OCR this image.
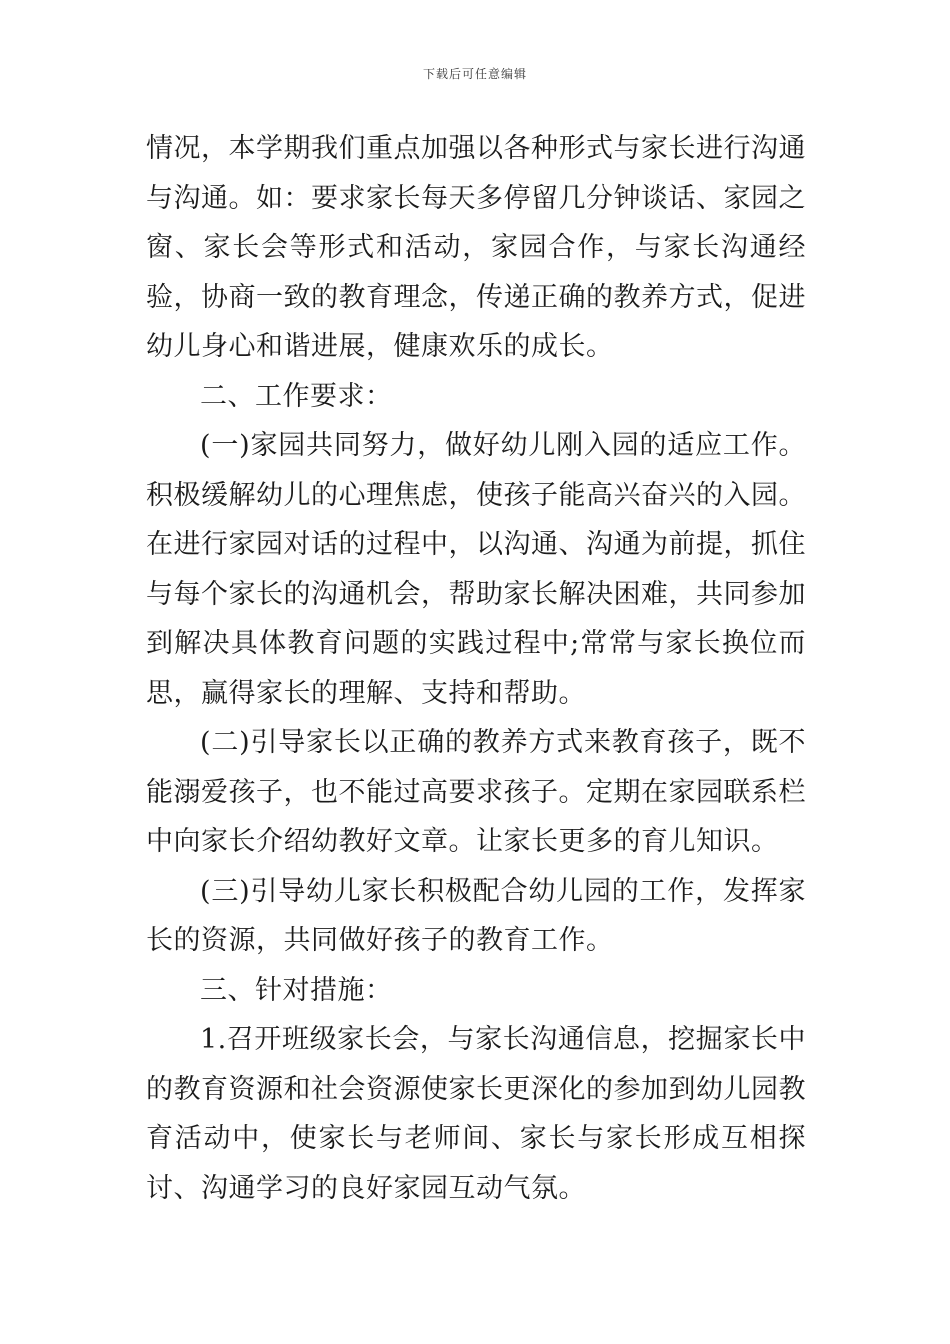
下载后可任意编辑

情况，本学期我们重点加强以各种形式与家长进行沟通与沟通。如：要求家长每天多停留几分钟谈话、家园之窗、家长会等形式和活动，家园合作，与家长沟通经验，协商一致的教育理念，传递正确的教养方式，促进幼儿身心和谐进展，健康欢乐的成长。

二、工作要求：

(一)家园共同努力，做好幼儿刚入园的适应工作。积极缓解幼儿的心理焦虑，使孩子能高兴奋兴的入园。在进行家园对话的过程中，以沟通、沟通为前提，抓住与每个家长的沟通机会，帮助家长解决困难，共同参加到解决具体教育问题的实践过程中;常常与家长换位而思，赢得家长的理解、支持和帮助。

(二)引导家长以正确的教养方式来教育孩子，既不能溺爱孩子，也不能过高要求孩子。定期在家园联系栏中向家长介绍幼教好文章。让家长更多的育儿知识。

(三)引导幼儿家长积极配合幼儿园的工作，发挥家长的资源，共同做好孩子的教育工作。

三、针对措施：

1.召开班级家长会，与家长沟通信息，挖掘家长中的教育资源和社会资源使家长更深化的参加到幼儿园教育活动中，使家长与老师间、家长与家长形成互相探讨、沟通学习的良好家园互动气氛。
